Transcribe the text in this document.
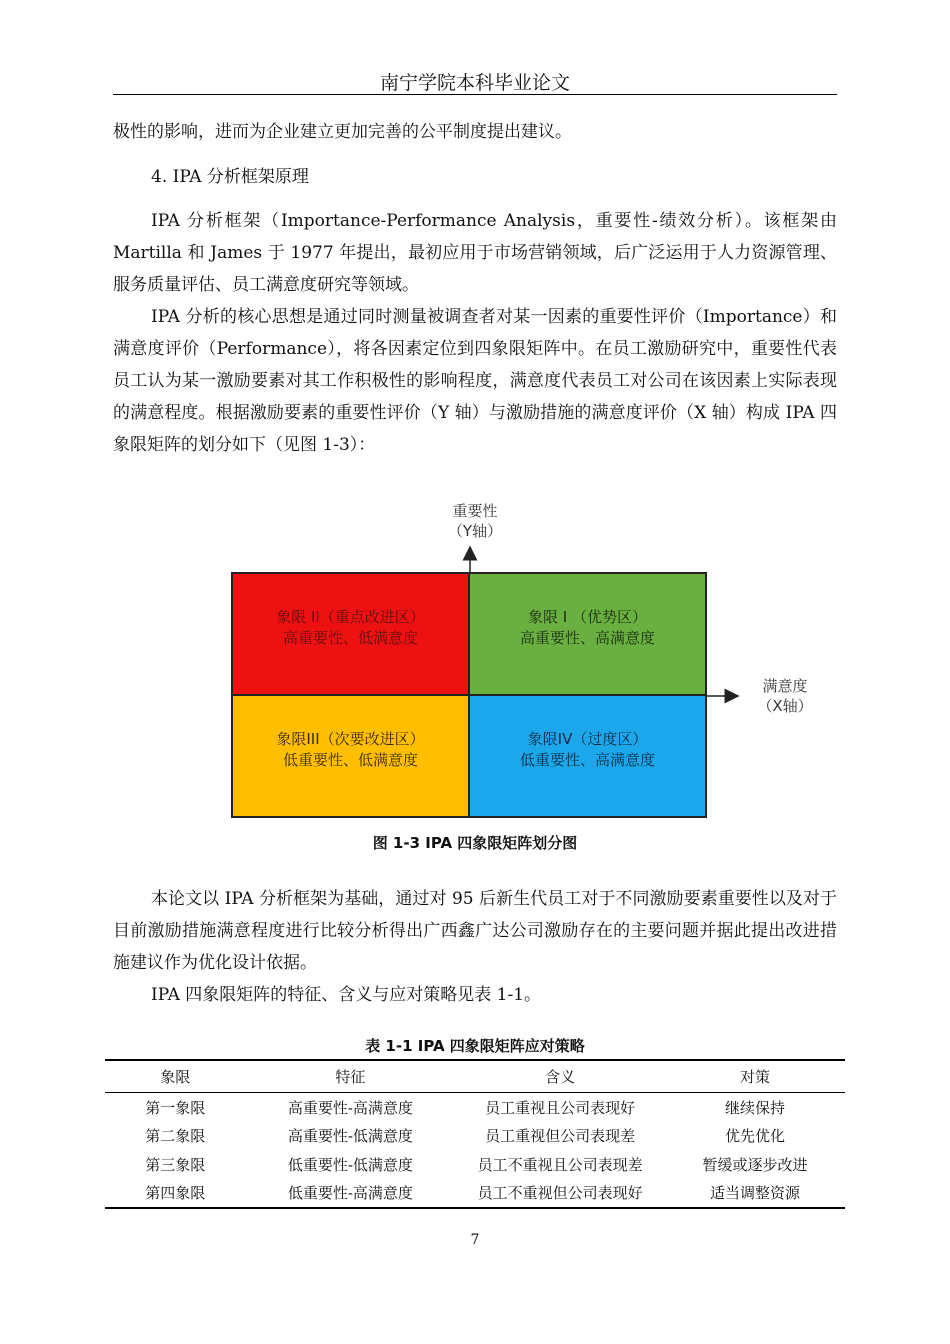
南宁学院本科毕业论文

极性的影响，进而为企业建立更加完善的公平制度提出建议。

4. IPA 分析框架原理

IPA 分析框架（Importance-Performance Analysis，重要性-绩效分析）。该框架由 Martilla 和 James 于 1977 年提出，最初应用于市场营销领域，后广泛运用于人力资源管理、服务质量评估、员工满意度研究等领域。

IPA 分析的核心思想是通过同时测量被调查者对某一因素的重要性评价（Importance）和满意度评价（Performance），将各因素定位到四象限矩阵中。在员工激励研究中，重要性代表员工认为某一激励要素对其工作积极性的影响程度，满意度代表员工对公司在该因素上实际表现的满意程度。根据激励要素的重要性评价（Y 轴）与激励措施的满意度评价（X 轴）构成 IPA 四象限矩阵的划分如下（见图 1-3）：

重要性
（Y轴）
满意度
（X轴）
象限 II（重点改进区）
高重要性、低满意度
象限 I （优势区）
高重要性、高满意度
象限III（次要改进区）
低重要性、低满意度
象限IV（过度区）
低重要性、高满意度
图 1-3 IPA 四象限矩阵划分图

本论文以 IPA 分析框架为基础，通过对 95 后新生代员工对于不同激励要素重要性以及对于目前激励措施满意程度进行比较分析得出广西鑫广达公司激励存在的主要问题并据此提出改进措施建议作为优化设计依据。

IPA 四象限矩阵的特征、含义与应对策略见表 1-1。

表 1-1 IPA 四象限矩阵应对策略
象限	特征	含义	对策
第一象限	高重要性-高满意度	员工重视且公司表现好	继续保持
第二象限	高重要性-低满意度	员工重视但公司表现差	优先优化
第三象限	低重要性-低满意度	员工不重视且公司表现差	暂缓或逐步改进
第四象限	低重要性-高满意度	员工不重视但公司表现好	适当调整资源
7
